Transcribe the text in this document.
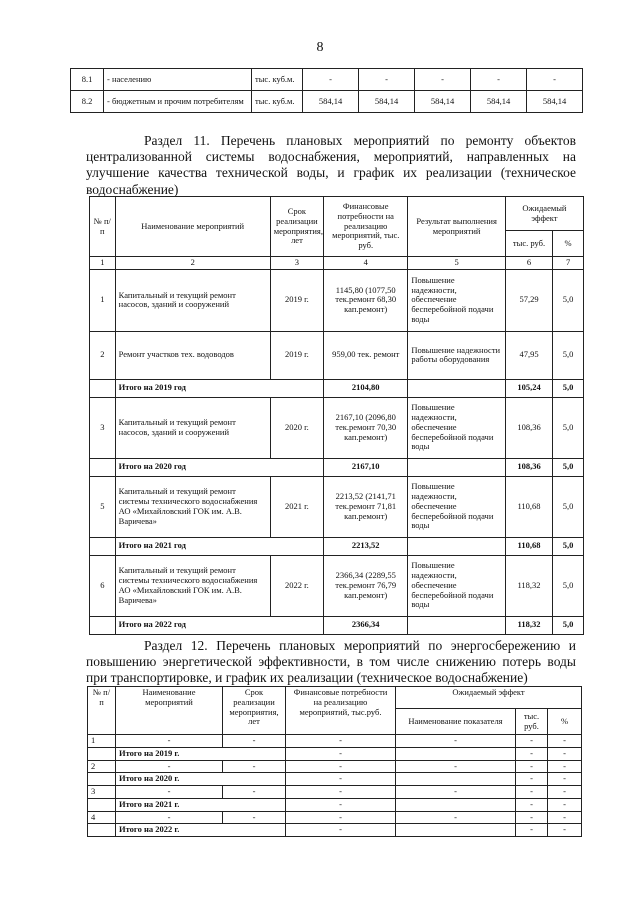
8
8.1	- населению	тыс. куб.м.	-	-	-	-	-
8.2	- бюджетным и прочим потребителям	тыс. куб.м.	584,14	584,14	584,14	584,14	584,14
Раздел 11. Перечень плановых мероприятий по ремонту объектов централизованной системы водоснабжения, мероприятий, направленных на улучшение качества технической воды, и график их реализации (техническое водоснабжение)
№ п/п	Наименование мероприятий	Срок реализации мероприятия, лет	Финансовые потребности на реализацию мероприятий, тыс. руб.	Результат выполнения мероприятий	Ожидаемый эффект	
					тыс. руб.	%
1	2	3	4	5	6	7
1	Капитальный и текущий ремонт насосов, зданий и сооружений	2019 г.	1145,80 (1077,50 тек.ремонт 68,30 кап.ремонт)	Повышение надежности, обеспечение бесперебойной подачи воды	57,29	5,0
2	Ремонт участков тех. водоводов	2019 г.	959,00 тек. ремонт	Повышение надежности работы оборудования	47,95	5,0
	Итого на 2019 год		2104,80		105,24	5,0
3	Капитальный и текущий ремонт насосов, зданий и сооружений	2020 г.	2167,10 (2096,80 тек.ремонт 70,30 кап.ремонт)	Повышение надежности, обеспечение бесперебойной подачи воды	108,36	5,0
	Итого на 2020 год		2167,10		108,36	5,0
5	Капитальный и текущий ремонт системы технического водоснабжения АО «Михайловский ГОК им. А.В. Варичева»	2021 г.	2213,52 (2141,71 тек.ремонт 71,81 кап.ремонт)	Повышение надежности, обеспечение бесперебойной подачи воды	110,68	5,0
	Итого на 2021 год		2213,52		110,68	5,0
6	Капитальный и текущий ремонт системы технического водоснабжения АО «Михайловский ГОК им. А.В. Варичева»	2022 г.	2366,34 (2289,55 тек.ремонт 76,79 кап.ремонт)	Повышение надежности, обеспечение бесперебойной подачи воды	118,32	5,0
	Итого на 2022 год		2366,34		118,32	5,0
Раздел 12. Перечень плановых мероприятий по энергосбережению и повышению энергетической эффективности, в том числе снижению потерь воды при транспортировке, и график их реализации (техническое водоснабжение)
№ п/п	Наименование мероприятий	Срок реализации мероприятия, лет	Финансовые потребности на реализацию мероприятий, тыс.руб.	Ожидаемый эффект		
				Наименование показателя	тыс. руб.	%
1	-	-	-	-	-	-
	Итого на 2019 г.		-		-	-
2	-	-	-	-	-	-
	Итого на 2020 г.		-		-	-
3	-	-	-	-	-	-
	Итого на 2021 г.		-		-	-
4	-	-	-	-	-	-
	Итого на 2022 г.		-		-	-
